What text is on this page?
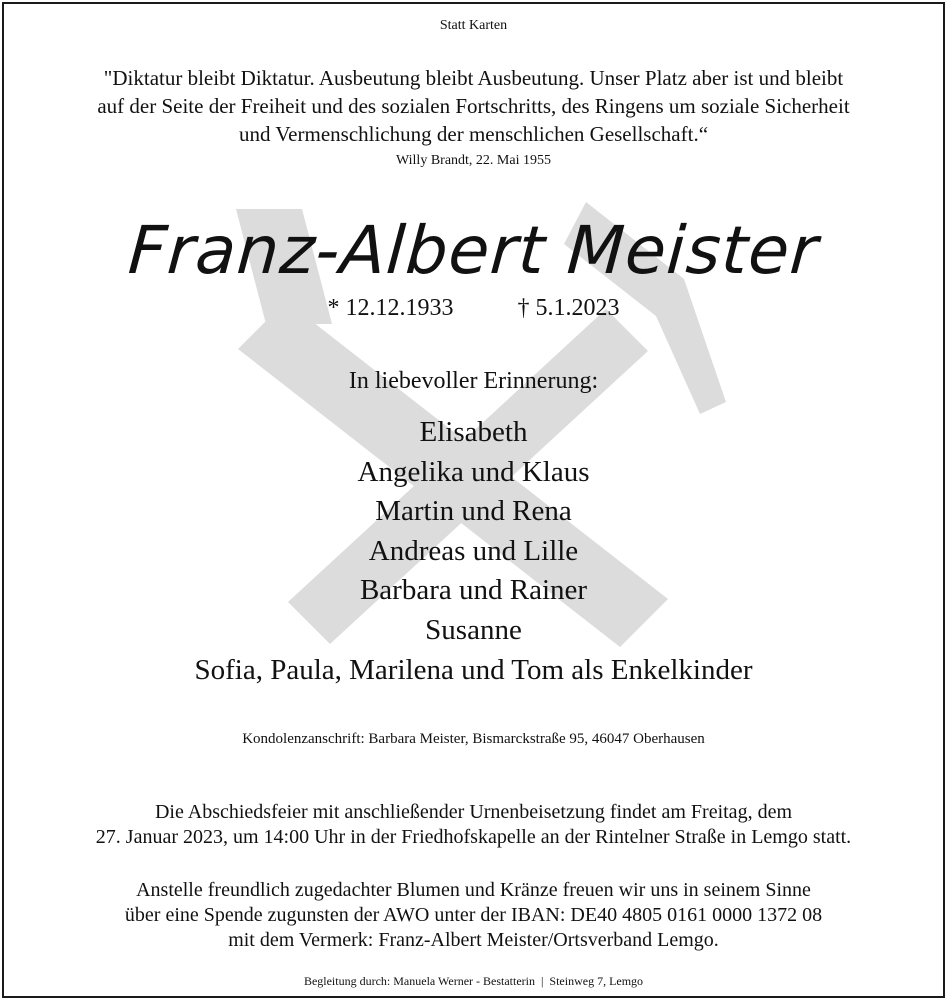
Statt Karten
"Diktatur bleibt Diktatur. Ausbeutung bleibt Ausbeutung. Unser Platz aber ist und bleibt
auf der Seite der Freiheit und des sozialen Fortschritts, des Ringens um soziale Sicherheit
und Vermenschlichung der menschlichen Gesellschaft.“
Willy Brandt, 22. Mai 1955
Franz-Albert Meister
* 12.12.1933	† 5.1.2023
In liebevoller Erinnerung:
Elisabeth
Angelika und Klaus
Martin und Rena
Andreas und Lille
Barbara und Rainer
Susanne
Sofia, Paula, Marilena und Tom als Enkelkinder
Kondolenzanschrift: Barbara Meister, Bismarckstraße 95, 46047 Oberhausen
Die Abschiedsfeier mit anschließender Urnenbeisetzung findet am Freitag, dem
27. Januar 2023, um 14:00 Uhr in der Friedhofskapelle an der Rintelner Straße in Lemgo statt.
Anstelle freundlich zugedachter Blumen und Kränze freuen wir uns in seinem Sinne
über eine Spende zugunsten der AWO unter der IBAN: DE40 4805 0161 0000 1372 08
mit dem Vermerk: Franz-Albert Meister/Ortsverband Lemgo.
Begleitung durch: Manuela Werner - Bestatterin  |  Steinweg 7, Lemgo
